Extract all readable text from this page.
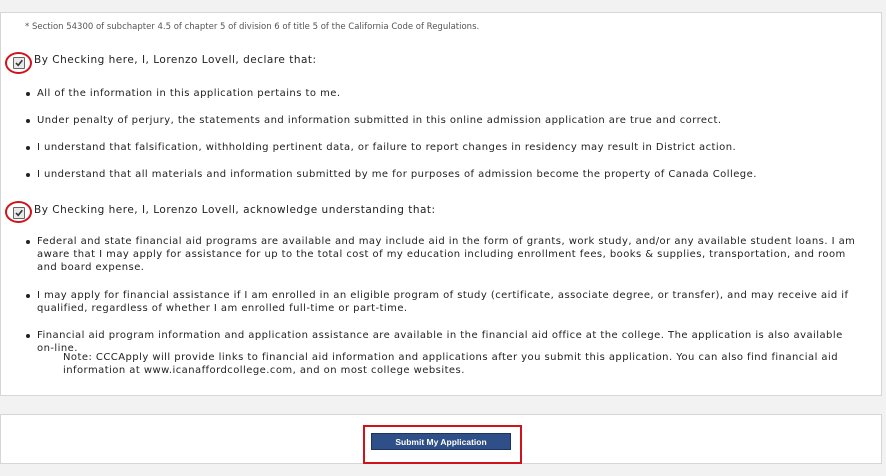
* Section 54300 of subchapter 4.5 of chapter 5 of division 6 of title 5 of the California Code of Regulations.
By Checking here, I, Lorenzo Lovell, declare that:
All of the information in this application pertains to me.
Under penalty of perjury, the statements and information submitted in this online admission application are true and correct.
I understand that falsification, withholding pertinent data, or failure to report changes in residency may result in District action.
I understand that all materials and information submitted by me for purposes of admission become the property of Canada College.
By Checking here, I, Lorenzo Lovell, acknowledge understanding that:
Federal and state financial aid programs are available and may include aid in the form of grants, work study, and/or any available student loans. I am aware that I may apply for assistance for up to the total cost of my education including enrollment fees, books & supplies, transportation, and room and board expense.
I may apply for financial assistance if I am enrolled in an eligible program of study (certificate, associate degree, or transfer), and may receive aid if qualified, regardless of whether I am enrolled full-time or part-time.
Financial aid program information and application assistance are available in the financial aid office at the college. The application is also available on-line.
Note: CCCApply will provide links to financial aid information and applications after you submit this application. You can also find financial aid information at www.icanaffordcollege.com, and on most college websites.
Submit My Application
